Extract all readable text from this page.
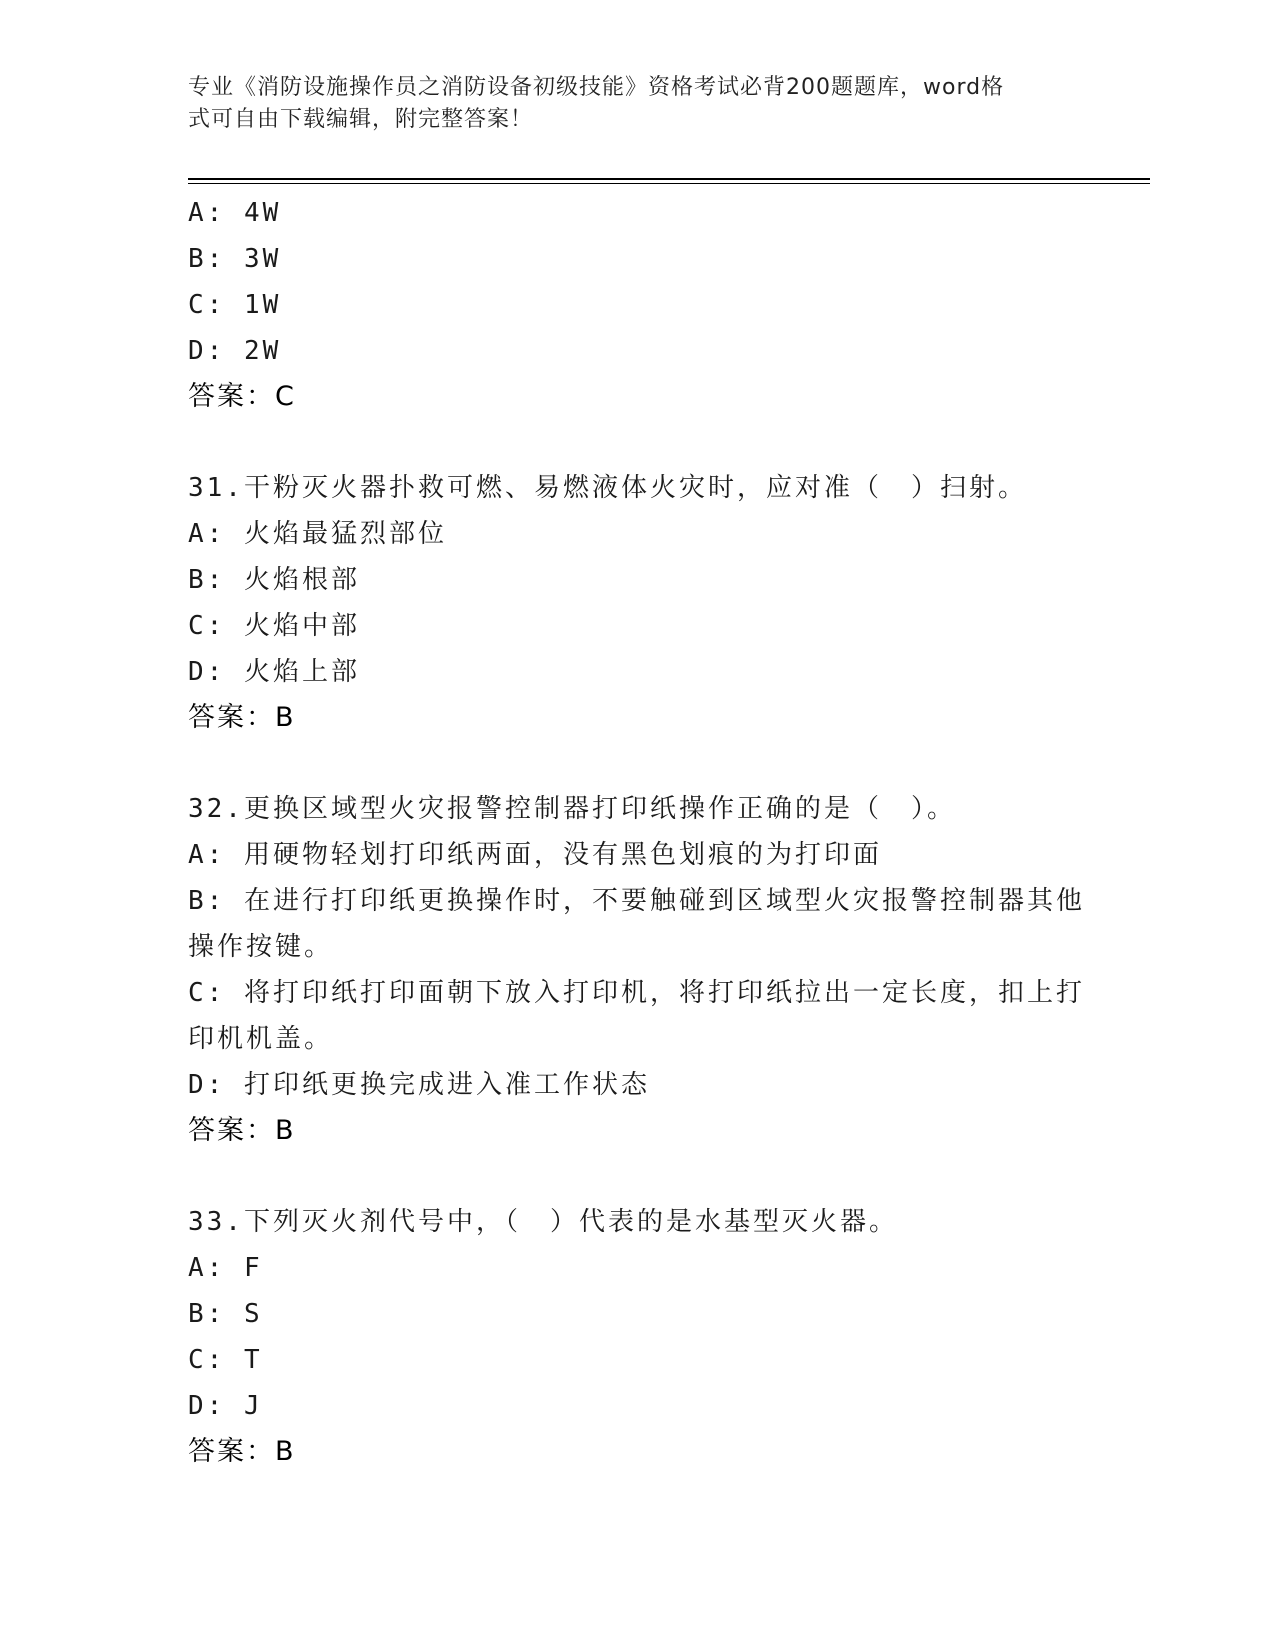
专业《消防设施操作员之消防设备初级技能》资格考试必背200题题库，word格
式可自由下载编辑，附完整答案！
A: 4W
B: 3W
C: 1W
D: 2W
答案：C
31.干粉灭火器扑救可燃、易燃液体火灾时，应对准（　）扫射。
A: 火焰最猛烈部位
B: 火焰根部
C: 火焰中部
D: 火焰上部
答案：B
32.更换区域型火灾报警控制器打印纸操作正确的是（　）。
A: 用硬物轻划打印纸两面，没有黑色划痕的为打印面
B: 在进行打印纸更换操作时，不要触碰到区域型火灾报警控制器其他
操作按键。
C: 将打印纸打印面朝下放入打印机，将打印纸拉出一定长度，扣上打
印机机盖。
D: 打印纸更换完成进入准工作状态
答案：B
33.下列灭火剂代号中，（　）代表的是水基型灭火器。
A: F
B: S
C: T
D: J
答案：B
